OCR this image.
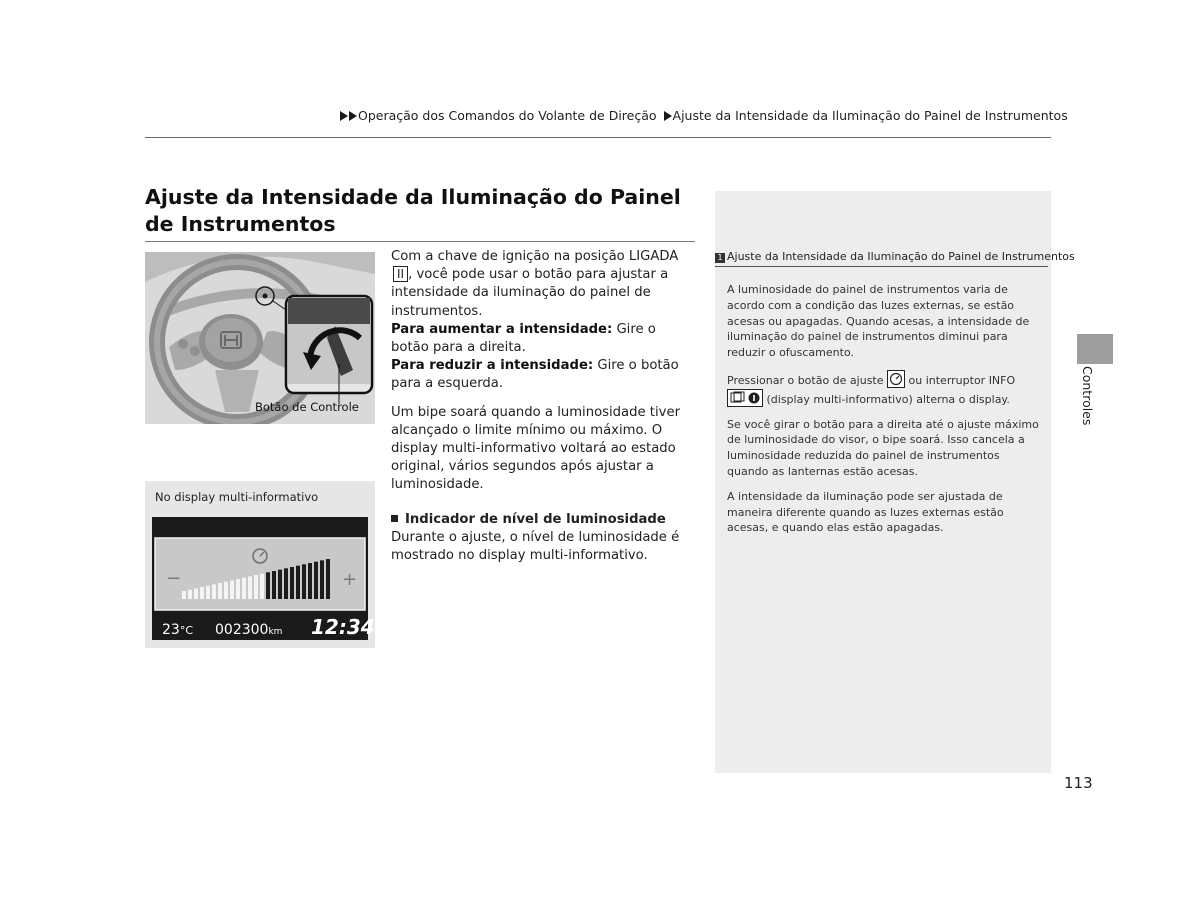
Operação dos Comandos do Volante de Direção Ajuste da Intensidade da Iluminação do Painel de Instrumentos
Ajuste da Intensidade da Iluminação do Painel de Instrumentos
Botão de Controle

Com a chave de ignição na posição LIGADA II , você pode usar o botão para ajustar a intensidade da iluminação do painel de instrumentos.
Para aumentar a intensidade: Gire o botão para a direita.
Para reduzir a intensidade: Gire o botão para a esquerda.

Um bipe soará quando a luminosidade tiver alcançado o limite mínimo ou máximo. O display multi-informativo voltará ao estado original, vários segundos após ajustar a luminosidade.

Indicador de nível de luminosidade

Durante o ajuste, o nível de luminosidade é mostrado no display multi-informativo.

−	+
23°C 002300km 12:34
No display multi-informativo
1 Ajuste da Intensidade da Iluminação do Painel de Instrumentos

A luminosidade do painel de instrumentos varia de acordo com a condição das luzes externas, se estão acesas ou apagadas. Quando acesas, a intensidade de iluminação do painel de instrumentos diminui para reduzir o ofuscamento.

Pressionar o botão de ajuste ou interruptor INFO  (display multi-informativo) alterna o display.

Se você girar o botão para a direita até o ajuste máximo de luminosidade do visor, o bipe soará. Isso cancela a luminosidade reduzida do painel de instrumentos quando as lanternas estão acesas.

A intensidade da iluminação pode ser ajustada de maneira diferente quando as luzes externas estão acesas, e quando elas estão apagadas.

Controles
113
